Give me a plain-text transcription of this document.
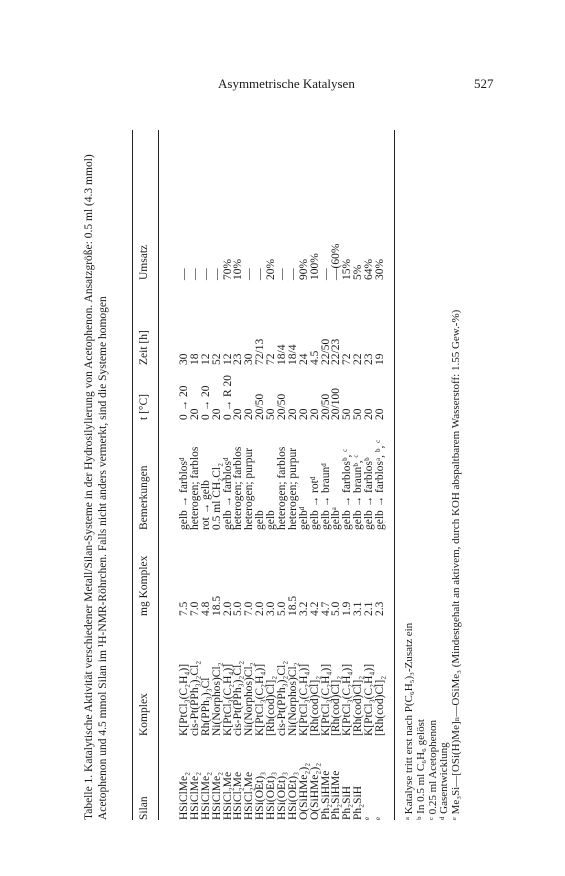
Asymmetrische Katalysen	527
Tabelle 1. Katalytische Aktivität verschiedener Metall/Silan-Systeme in der Hydrosilylierung von Acetophenon. Ansatzgröße: 0.5 ml (4.3 mmol) Acetophenon und 4.5 mmol Silan im ¹H-NMR-Röhrchen. Falls nicht anders vermerkt, sind die Systeme homogen	Silan
Komplex
mg Komplex
Bemerkungen
t [°C]
Zeit [h]
Umsatz
HSiClMe₂
K[PtCl₃(C₂H₄)]
7.5
gelb → farblosᵈ
0 → 20
30
—
HSiClMe₂
cis-Pt(PPh₃)₂Cl₂
7.0
heterogen; farblos
20
18
—
HSiClMe₂
Rh(PPh₃)₃Cl
4.8
rot → gelb
0 → 20
12
—
HSiClMe₂
Ni(Norphos)Cl₂
18.5
0.5 ml CH₂Cl₂
20
52
—
HSiCl₂Me
K[PtCl₃(C₂H₄)]
2.0
gelb → farblosᵈ
0 → R 20
12
70%
HSiCl₂Me
cis-Pt(PPh₃)₂Cl₂
5.0
heterogen; farblos
20
23
10%
HSiCl₂Me
Ni(Norphos)Cl₂
7.0
heterogen; purpur
20
30
—
HSi(OEt)₃
K[PtCl₃(C₂H₄)]
2.0
gelb
20/50
72/13
—
HSi(OEt)₃
[Rh(cod)Cl]₂
3.0
gelb
50
72
20%
HSi(OEt)₃
cis-Pt(PPh₃)₂Cl₂
5.0
heterogen; farblos
20/50
18/4
—
HSi(OEt)₃
Ni(Norphos)Cl₂
18.5
heterogen; purpur
20
18/4
—
O(SiHMe₂)₂
K[PtCl₃(C₂H₄)]
3.2
gelbᵈ
20
24
90%
O(SiHMe₂)₂
[Rh(cod)Cl]₂
4.2
gelb → rotᵈ
20
4.5
100%
Ph₂SiHMe
K[PtCl₃(C₂H₄)]
4.7
gelb → braunᵈ
20/50
22/50
—
Ph₂SiHMe
[Rh(cod)Cl]₂
5.0
gelbᵃ
20/100
22/23
—(60%
Ph₂SiH
K[PtCl₃(C₂H₄)]
1.9
gelb → farblosᵇ, ᶜ
50
72
15%
Ph₂SiH
[Rh(cod)Cl]₂
3.1
gelb → braunᵇ, ᶜ
50
22
5%
ᵉ
K[PtCl₃(C₂H₄)]
2.1
gelb → farblosᵇ
20
23
64%
ᵉ
[Rh(cod)Cl]₂
2.3
gelb → farblosᵃ, ᵇ, ᶜ
20
19
30%
ᵃ Katalyse tritt erst nach P(C₆H₅)₃-Zusatz ein ᵇ In 0.5 ml C₆H₆ gelöst ᶜ 0.25 ml Acetophenon ᵈ Gasentwicklung ᵉ Me₃Si—[OSi(H)Me]ₙ—OSiMe₃ (Mindestgehalt an aktivem, durch KOH abspaltbarem Wasserstoff: 1.55 Gew.-%)
